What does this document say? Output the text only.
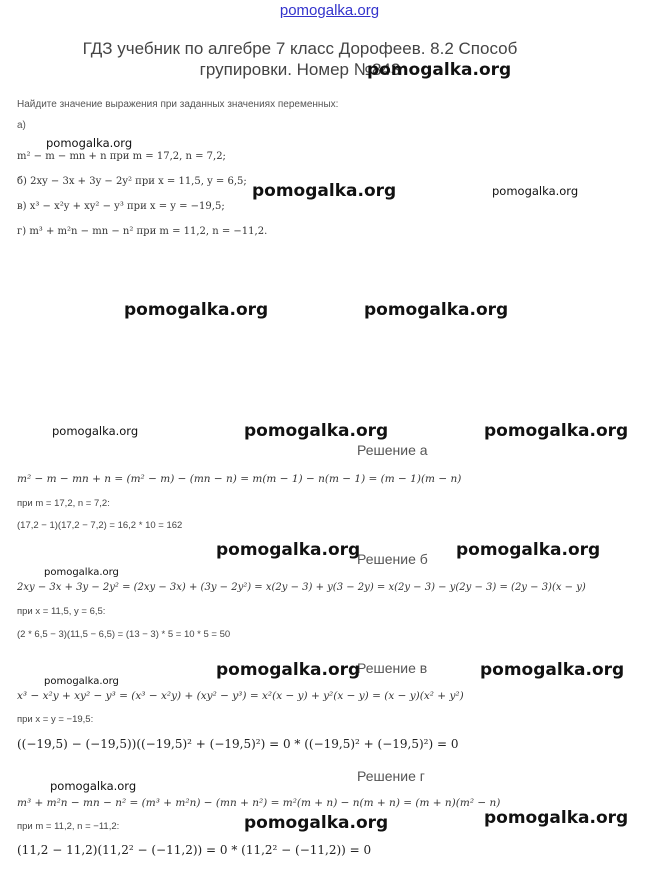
pomogalka.org
ГДЗ учебник по алгебре 7 класс Дорофеев. 8.2 Способ групировки. Номер №843
Найдите значение выражения при заданных значениях переменных:
а)
m² − m − mn + n при m = 17,2, n = 7,2;
б) 2xy − 3x + 3y − 2y² при x = 11,5, y = 6,5;
в) x³ − x²y + xy² − y³ при x = y = −19,5;
г) m³ + m²n − mn − n² при m = 11,2, n = −11,2.
Решение а
m² − m − mn + n = (m² − m) − (mn − n) = m(m − 1) − n(m − 1) = (m − 1)(m − n)
при m = 17,2, n = 7,2:
(17,2 − 1)(17,2 − 7,2) = 16,2 * 10 = 162
Решение б
2xy − 3x + 3y − 2y² = (2xy − 3x) + (3y − 2y²) = x(2y − 3) + y(3 − 2y) = x(2y − 3) − y(2y − 3) = (2y − 3)(x − y)
при x = 11,5, y = 6,5:
(2 * 6,5 − 3)(11,5 − 6,5) = (13 − 3) * 5 = 10 * 5 = 50
Решение в
x³ − x²y + xy² − y³ = (x³ − x²y) + (xy² − y³) = x²(x − y) + y²(x − y) = (x − y)(x² + y²)
при x = y = −19,5:
((−19,5) − (−19,5))((−19,5)² + (−19,5)²) = 0 * ((−19,5)² + (−19,5)²) = 0
Решение г
m³ + m²n − mn − n² = (m³ + m²n) − (mn + n²) = m²(m + n) − n(m + n) = (m + n)(m² − n)
при m = 11,2, n = −11,2:
(11,2 − 11,2)(11,2² − (−11,2)) = 0 * (11,2² − (−11,2)) = 0
pomogalka.org
pomogalka.org
pomogalka.org	pomogalka.org
pomogalka.org	pomogalka.org
pomogalka.org	pomogalka.org	pomogalka.org
pomogalka.org	pomogalka.org
pomogalka.org
pomogalka.org	pomogalka.org
pomogalka.org
pomogalka.org
pomogalka.org	pomogalka.org
